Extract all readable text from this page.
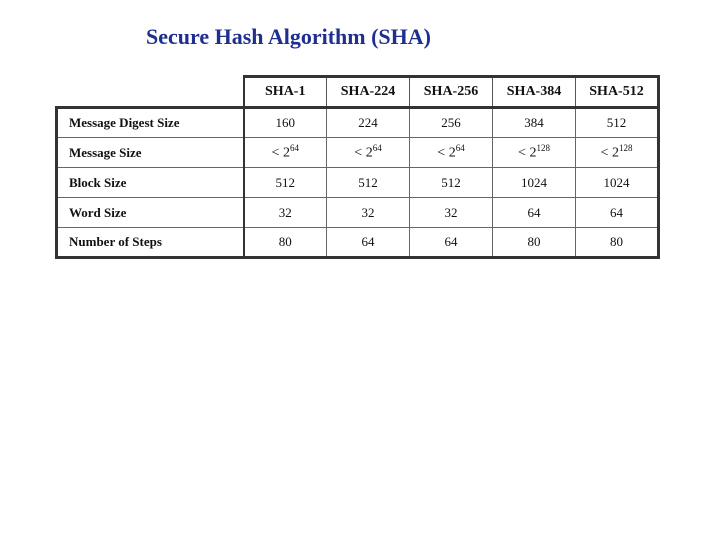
Secure Hash Algorithm (SHA)
	SHA-1	SHA-224	SHA-256	SHA-384	SHA-512
Message Digest Size	160	224	256	384	512
Message Size	< $2^{64}$	< $2^{64}$	< $2^{64}$	< $2^{128}$	< $2^{128}$
Block Size	512	512	512	1024	1024
Word Size	32	32	32	64	64
Number of Steps	80	64	64	80	80
